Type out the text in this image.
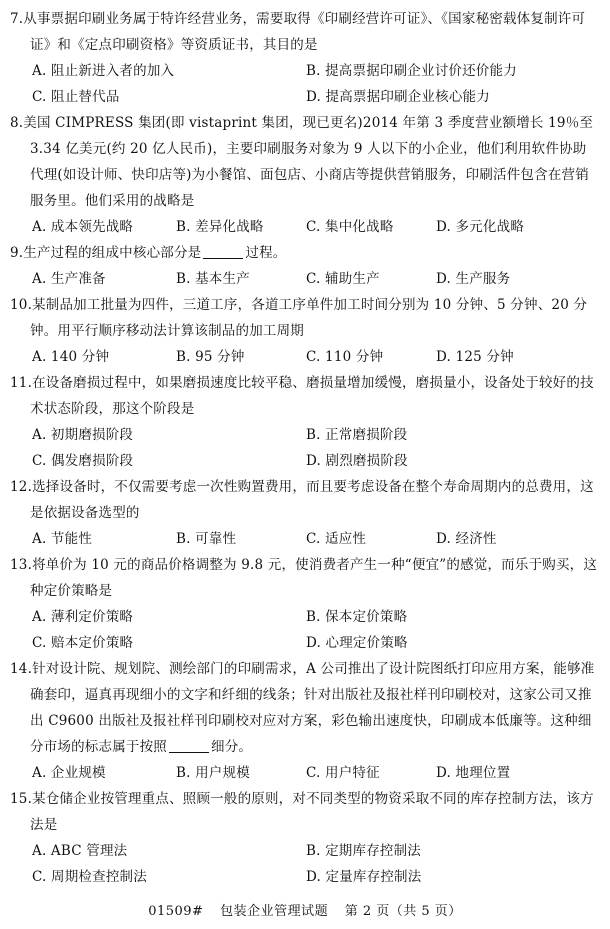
7.从事票据印刷业务属于特许经营业务，需要取得《印刷经营许可证》、《国家秘密载体复制许可证》和《定点印刷资格》等资质证书，其目的是
A. 阻止新进入者的加入	B. 提高票据印刷企业讨价还价能力
C. 阻止替代品	D. 提高票据印刷企业核心能力
8.美国 CIMPRESS 集团(即 vistaprint 集团，现已更名)2014 年第 3 季度营业额增长 19％至 3.34 亿美元(约 20 亿人民币)，主要印刷服务对象为 9 人以下的小企业，他们利用软件协助代理(如设计师、快印店等)为小餐馆、面包店、小商店等提供营销服务，印刷活件包含在营销服务里。他们采用的战略是
A. 成本领先战略	B. 差异化战略	C. 集中化战略	D. 多元化战略
9.生产过程的组成中核心部分是	过程。
A. 生产准备	B. 基本生产	C. 辅助生产	D. 生产服务
10.某制品加工批量为四件，三道工序，各道工序单件加工时间分别为 10 分钟、5 分钟、20 分钟。用平行顺序移动法计算该制品的加工周期
A. 140 分钟	B. 95 分钟	C. 110 分钟	D. 125 分钟
11.在设备磨损过程中，如果磨损速度比较平稳、磨损量增加缓慢，磨损量小，设备处于较好的技术状态阶段，那这个阶段是
A. 初期磨损阶段	B. 正常磨损阶段
C. 偶发磨损阶段	D. 剧烈磨损阶段
12.选择设备时，不仅需要考虑一次性购置费用，而且要考虑设备在整个寿命周期内的总费用，这是依据设备选型的
A. 节能性	B. 可靠性	C. 适应性	D. 经济性
13.将单价为 10 元的商品价格调整为 9.8 元，使消费者产生一种“便宜”的感觉，而乐于购买，这种定价策略是
A. 薄利定价策略	B. 保本定价策略
C. 赔本定价策略	D. 心理定价策略
14.针对设计院、规划院、测绘部门的印刷需求，A 公司推出了设计院图纸打印应用方案，能够准确套印，逼真再现细小的文字和纤细的线条；针对出版社及报社样刊印刷校对，这家公司又推出 C9600 出版社及报社样刊印刷校对应对方案，彩色输出速度快，印刷成本低廉等。这种细分市场的标志属于按照	细分。
A. 企业规模	B. 用户规模	C. 用户特征	D. 地理位置
15.某仓储企业按管理重点、照顾一般的原则，对不同类型的物资采取不同的库存控制方法，该方法是
A. ABC 管理法	B. 定期库存控制法
C. 周期检查控制法	D. 定量库存控制法
01509# 包装企业管理试题 第 2 页（共 5 页）
